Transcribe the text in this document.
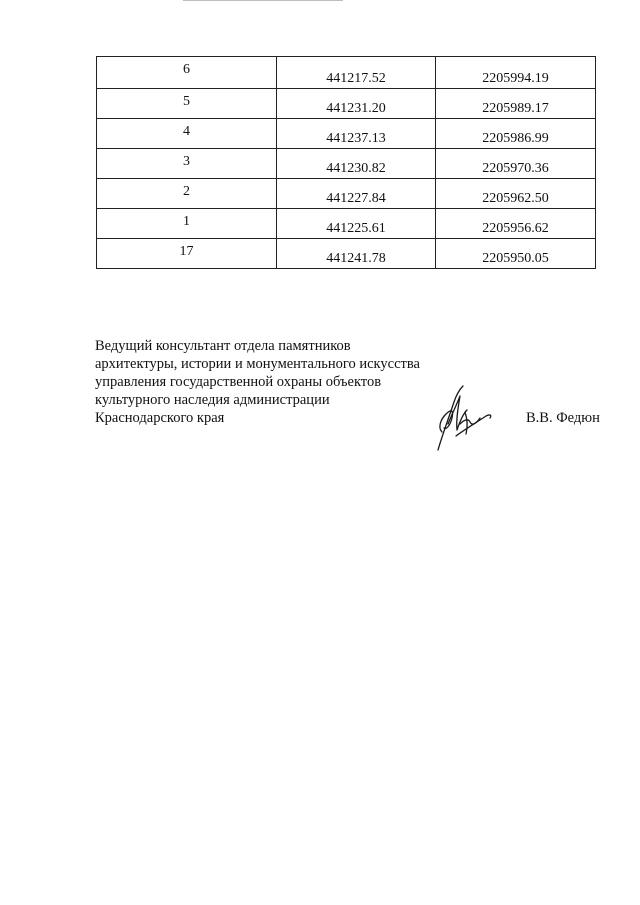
6	441217.52	2205994.19
5	441231.20	2205989.17
4	441237.13	2205986.99
3	441230.82	2205970.36
2	441227.84	2205962.50
1	441225.61	2205956.62
17	441241.78	2205950.05
Ведущий консультант отдела памятников
архитектуры, истории и монументального искусства
управления государственной охраны объектов
культурного наследия администрации
Краснодарского края	В.В. Федюн
